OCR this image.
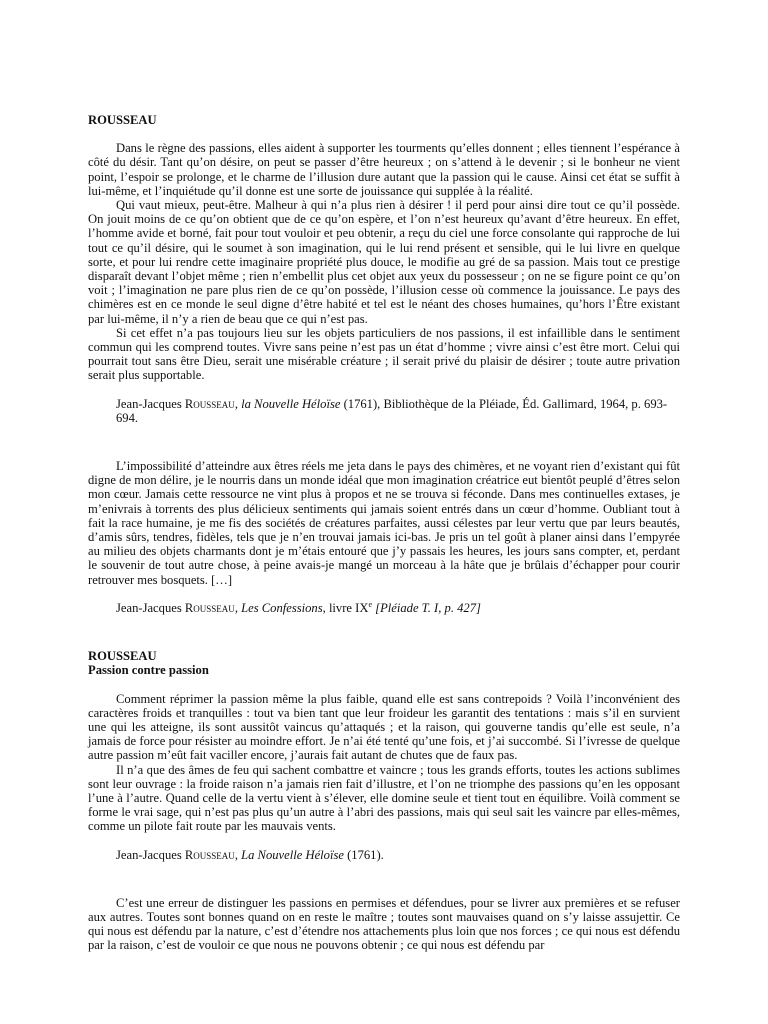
ROUSSEAU

Dans le règne des passions, elles aident à supporter les tourments qu’elles donnent ; elles tiennent l’espérance à côté du désir. Tant qu’on désire, on peut se passer d’être heureux ; on s’attend à le devenir ; si le bonheur ne vient point, l’espoir se prolonge, et le charme de l’illusion dure autant que la passion qui le cause. Ainsi cet état se suffit à lui-même, et l’inquiétude qu’il donne est une sorte de jouissance qui supplée à la réalité.

Qui vaut mieux, peut-être. Malheur à qui n’a plus rien à désirer ! il perd pour ainsi dire tout ce qu’il possède. On jouit moins de ce qu’on obtient que de ce qu’on espère, et l’on n’est heureux qu’avant d’être heureux. En effet, l’homme avide et borné, fait pour tout vouloir et peu obtenir, a reçu du ciel une force consolante qui rapproche de lui tout ce qu’il désire, qui le soumet à son imagination, qui le lui rend présent et sensible, qui le lui livre en quelque sorte, et pour lui rendre cette imaginaire propriété plus douce, le modifie au gré de sa passion. Mais tout ce prestige disparaît devant l’objet même ; rien n’embellit plus cet objet aux yeux du possesseur ; on ne se figure point ce qu’on voit ; l’imagination ne pare plus rien de ce qu’on possède, l’illusion cesse où commence la jouissance. Le pays des chimères est en ce monde le seul digne d’être habité et tel est le néant des choses humaines, qu’hors l’Être existant par lui-même, il n’y a rien de beau que ce qui n’est pas.

Si cet effet n’a pas toujours lieu sur les objets particuliers de nos passions, il est infaillible dans le sentiment commun qui les comprend toutes. Vivre sans peine n’est pas un état d’homme ; vivre ainsi c’est être mort. Celui qui pourrait tout sans être Dieu, serait une misérable créature ; il serait privé du plaisir de désirer ; toute autre privation serait plus supportable.

Jean-Jacques Rousseau, la Nouvelle Héloïse (1761), Bibliothèque de la Pléiade, Éd. Gallimard, 1964, p. 693-694.

L’impossibilité d’atteindre aux êtres réels me jeta dans le pays des chimères, et ne voyant rien d’existant qui fût digne de mon délire, je le nourris dans un monde idéal que mon imagination créatrice eut bientôt peuplé d’êtres selon mon cœur. Jamais cette ressource ne vint plus à propos et ne se trouva si féconde. Dans mes continuelles extases, je m’enivrais à torrents des plus délicieux sentiments qui jamais soient entrés dans un cœur d’homme. Oubliant tout à fait la race humaine, je me fis des sociétés de créatures parfaites, aussi célestes par leur vertu que par leurs beautés, d’amis sûrs, tendres, fidèles, tels que je n’en trouvai jamais ici-bas. Je pris un tel goût à planer ainsi dans l’empyrée au milieu des objets charmants dont je m’étais entouré que j’y passais les heures, les jours sans compter, et, perdant le souvenir de tout autre chose, à peine avais-je mangé un morceau à la hâte que je brûlais d’échapper pour courir retrouver mes bosquets. […]

Jean-Jacques Rousseau, Les Confessions, livre IXe [Pléiade T. I, p. 427]

ROUSSEAU

Passion contre passion

Comment réprimer la passion même la plus faible, quand elle est sans contrepoids ? Voilà l’inconvénient des caractères froids et tranquilles : tout va bien tant que leur froideur les garantit des tentations : mais s’il en survient une qui les atteigne, ils sont aussitôt vaincus qu’attaqués ; et la raison, qui gouverne tandis qu’elle est seule, n’a jamais de force pour résister au moindre effort. Je n’ai été tenté qu’une fois, et j’ai succombé. Si l’ivresse de quelque autre passion m’eût fait vaciller encore, j’aurais fait autant de chutes que de faux pas.

Il n’a que des âmes de feu qui sachent combattre et vaincre ; tous les grands efforts, toutes les actions sublimes sont leur ouvrage : la froide raison n’a jamais rien fait d’illustre, et l’on ne triomphe des passions qu’en les opposant l’une à l’autre. Quand celle de la vertu vient à s’élever, elle domine seule et tient tout en équilibre. Voilà comment se forme le vrai sage, qui n’est pas plus qu’un autre à l’abri des passions, mais qui seul sait les vaincre par elles-mêmes, comme un pilote fait route par les mauvais vents.

Jean-Jacques Rousseau, La Nouvelle Héloïse (1761).

C’est une erreur de distinguer les passions en permises et défendues, pour se livrer aux premières et se refuser aux autres. Toutes sont bonnes quand on en reste le maître ; toutes sont mauvaises quand on s’y laisse assujettir. Ce qui nous est défendu par la nature, c’est d’étendre nos attachements plus loin que nos forces ; ce qui nous est défendu par la raison, c’est de vouloir ce que nous ne pouvons obtenir ; ce qui nous est défendu par
